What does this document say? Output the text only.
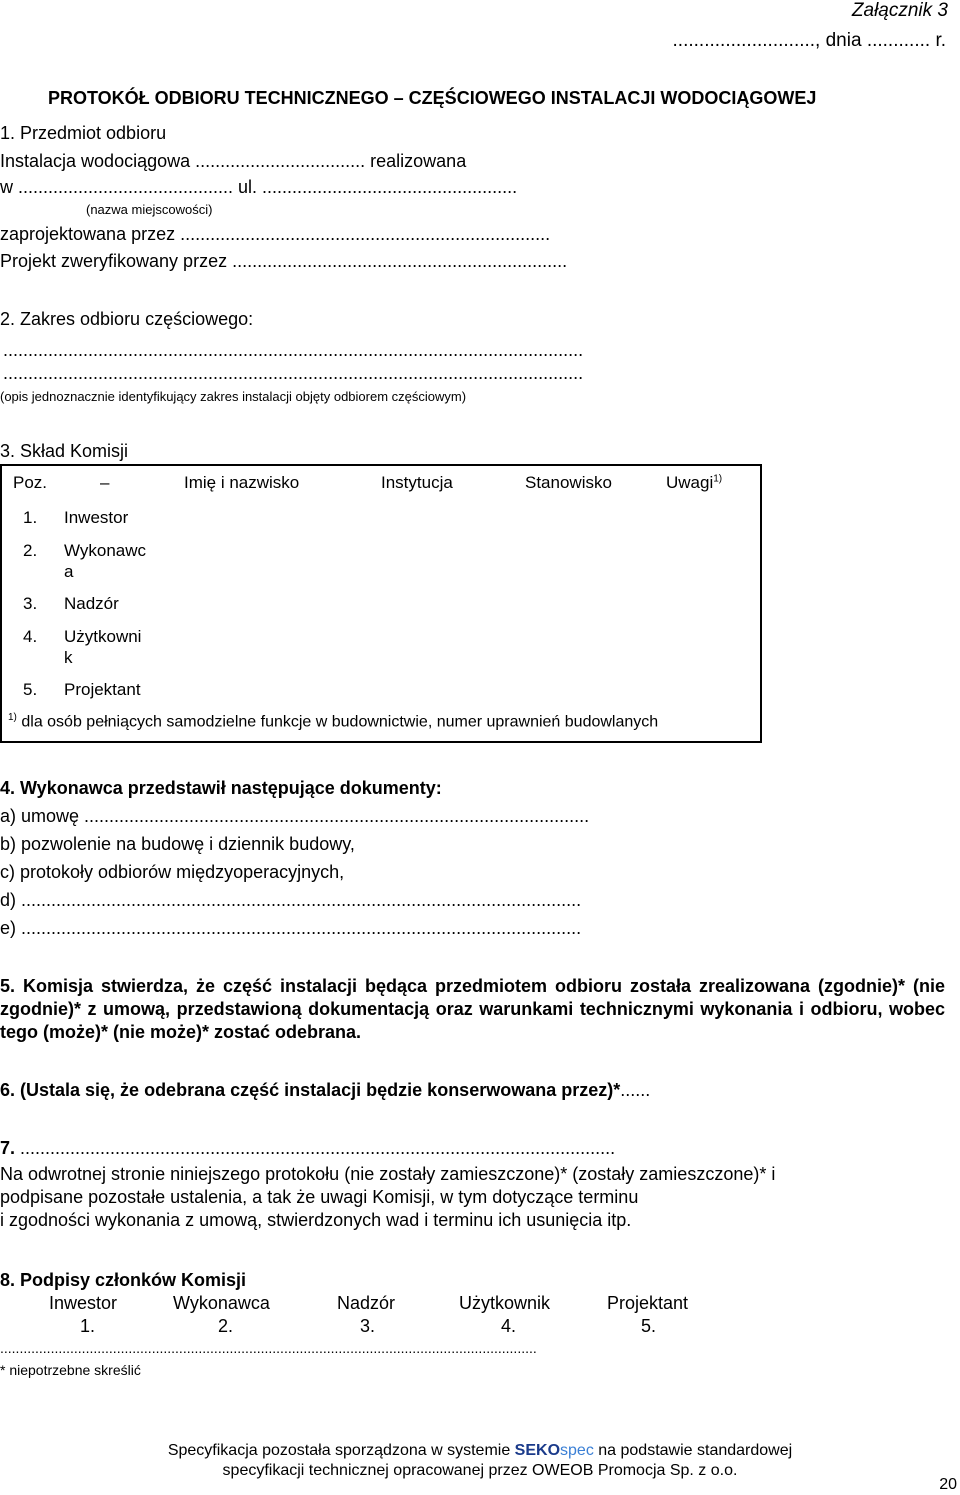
Załącznik 3
..........................., dnia ............ r.
PROTOKÓŁ ODBIORU TECHNICZNEGO – CZĘŚCIOWEGO INSTALACJI WODOCIĄGOWEJ
1. Przedmiot odbioru
Instalacja wodociągowa .................................. realizowana
w ........................................... ul. ...................................................
(nazwa miejscowości)
zaprojektowana przez ..........................................................................
Projekt zweryfikowany przez ...................................................................
2. Zakres odbioru częściowego:
....................................................................................................................
....................................................................................................................
(opis jednoznacznie identyfikujący zakres instalacji objęty odbiorem częściowym)
3. Skład Komisji
Poz.	–	Imię i nazwisko	Instytucja	Stanowisko	Uwagi$^{1)}$
1. Inwestor
2. Wykonawc
a
3. Nadzór
4. Użytkowni
k
5. Projektant
$^{1)}$ dla osób pełniących samodzielne funkcje w budownictwie, numer uprawnień budowlanych
4. Wykonawca przedstawił następujące dokumenty:
a) umowę .....................................................................................................
b) pozwolenie na budowę i dziennik budowy,
c) protokoły odbiorów międzyoperacyjnych,
d) ................................................................................................................
e) ................................................................................................................
5. Komisja stwierdza, że część instalacji będąca przedmiotem odbioru została zrealizowana (zgodnie)* (nie zgodnie)* z umową, przedstawioną dokumentacją oraz warunkami technicznymi wykonania i odbioru, wobec tego (może)* (nie może)* zostać odebrana.
6. (Ustala się, że odebrana część instalacji będzie konserwowana przez)*......
7. .......................................................................................................................
Na odwrotnej stronie niniejszego protokołu (nie zostały zamieszczone)* (zostały zamieszczone)* i
podpisane pozostałe ustalenia, a tak że uwagi Komisji, w tym dotyczące terminu
i zgodności wykonania z umową, stwierdzonych wad i terminu ich usunięcia itp.
8. Podpisy członków Komisji
Inwestor	Wykonawca	Nadzór	Użytkownik	Projektant
1.	2.	3.	4.	5.
..........................................................................................................................................
* niepotrzebne skreślić
Specyfikacja pozostała sporządzona w systemie SEKOspec na podstawie standardowej
specyfikacji technicznej opracowanej przez OWEOB Promocja Sp. z o.o.
20
